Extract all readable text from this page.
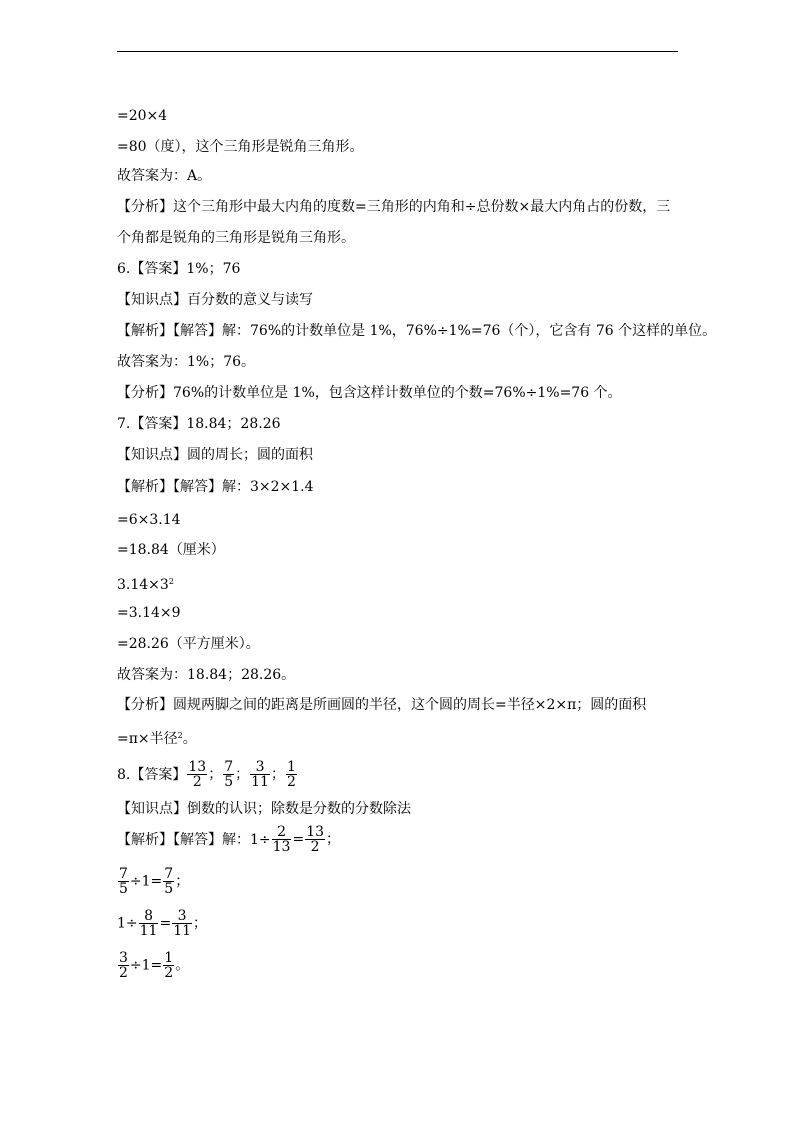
=20×4
=80（度），这个三角形是锐角三角形。
故答案为：A。
【分析】这个三角形中最大内角的度数=三角形的内角和÷总份数×最大内角占的份数，三
个角都是锐角的三角形是锐角三角形。
6.【答案】1%；76
【知识点】百分数的意义与读写
【解析】【解答】解：76%的计数单位是 1%，76%÷1%=76（个），它含有 76 个这样的单位。
故答案为：1%；76。
【分析】76%的计数单位是 1%，包含这样计数单位的个数=76%÷1%=76 个。
7.【答案】18.84；28.26
【知识点】圆的周长；圆的面积
【解析】【解答】解：3×2×1.4
=6×3.14
=18.84（厘米）
$3.14\times 3^2$
=3.14×9
=28.26（平方厘米）。
故答案为：18.84；28.26。
【分析】圆规两脚之间的距离是所画圆的半径，这个圆的周长=半径×2×π；圆的面积
=π×半径$^2$。
8.【答案】 $\frac{13}{2}$ ； $\frac{7}{5}$ ； $\frac{3}{11}$ ； $\frac{1}{2}$
【知识点】倒数的认识；除数是分数的分数除法
【解析】【解答】解：$1\div \frac{2}{13} = \frac{13}{2}$ ；
$\frac{7}{5} \div 1= \frac{7}{5}$ ；
$1\div \frac{8}{11} = \frac{3}{11}$ ；
$\frac{3}{2} \div 1= \frac{1}{2}$ 。
